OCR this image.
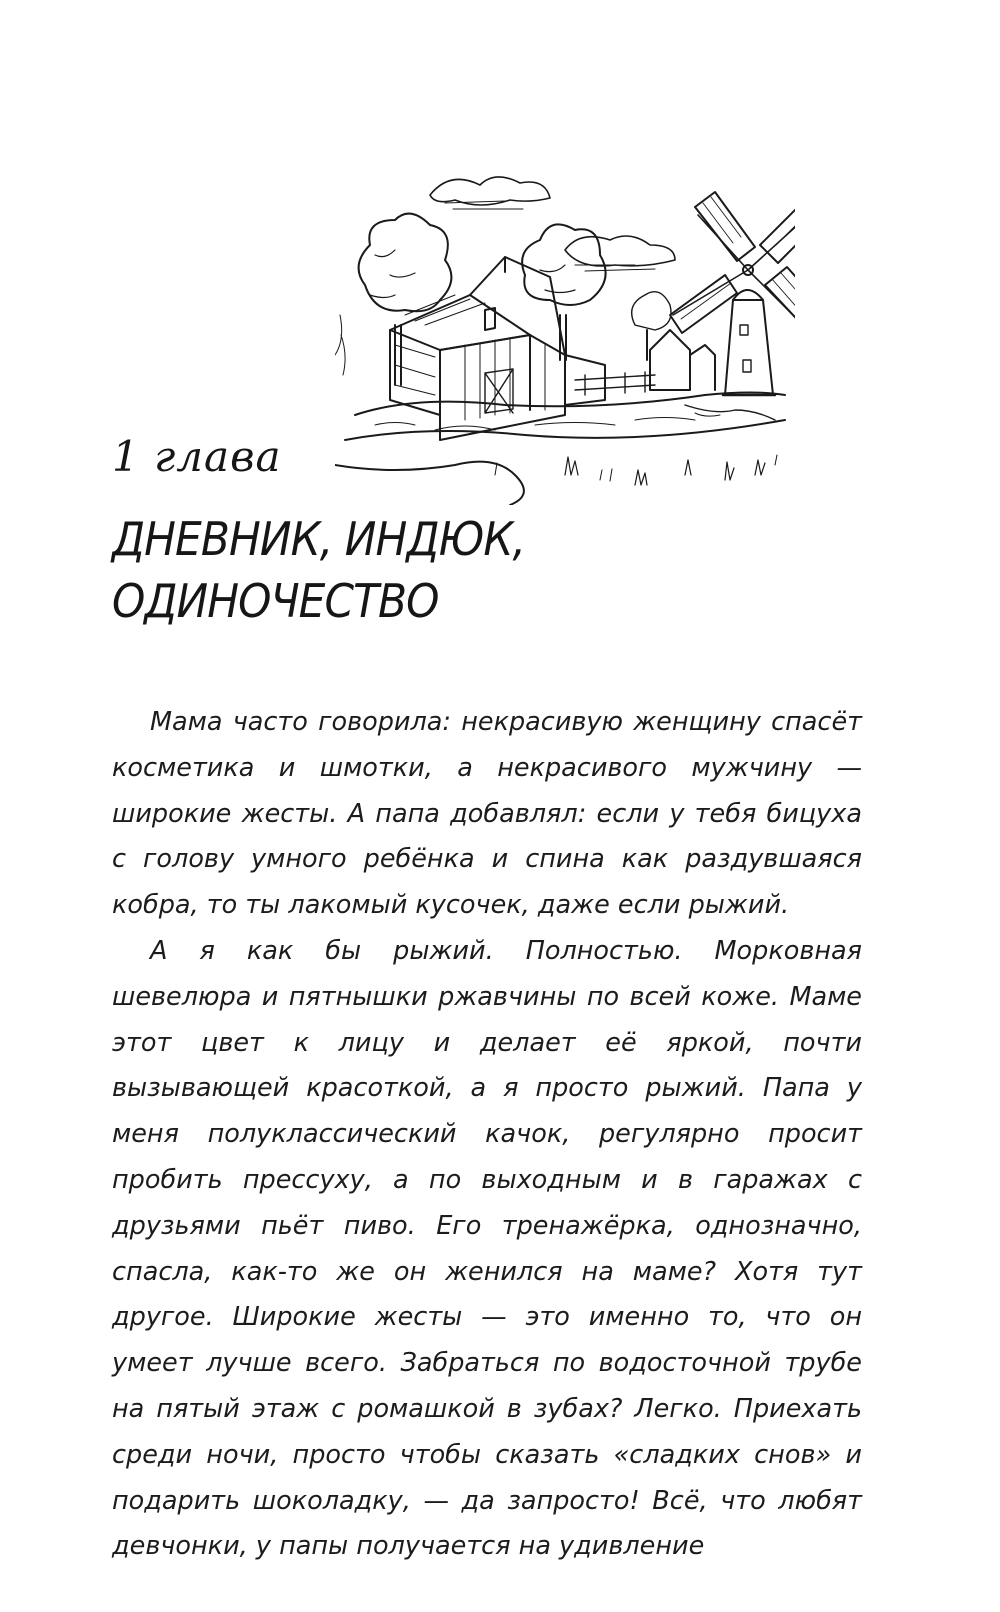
1 глава
ДНЕВНИК, ИНДЮК,
ОДИНОЧЕСТВО

Мама часто говорила: некрасивую женщину спасёт косметика и шмотки, а некрасивого мужчину — широкие жесты. А папа добавлял: если у тебя бицуха с голову умного ребёнка и спина как раздувшаяся кобра, то ты лакомый кусочек, даже если рыжий.

А я как бы рыжий. Полностью. Морковная шевелюра и пятнышки ржавчины по всей коже. Маме этот цвет к лицу и делает её яркой, почти вызывающей красоткой, а я просто рыжий. Папа у меня полуклассический качок, регулярно просит пробить прессуху, а по выходным и в гаражах с друзьями пьёт пиво. Его тренажёрка, однозначно, спасла, как-то же он женился на маме? Хотя тут другое. Широкие жесты — это именно то, что он умеет лучше всего. Забраться по водосточной трубе на пятый этаж с ромашкой в зубах? Легко. Приехать среди ночи, просто чтобы сказать «сладких снов» и подарить шоколадку, — да запросто! Всё, что любят девчонки, у папы получается на удивление
